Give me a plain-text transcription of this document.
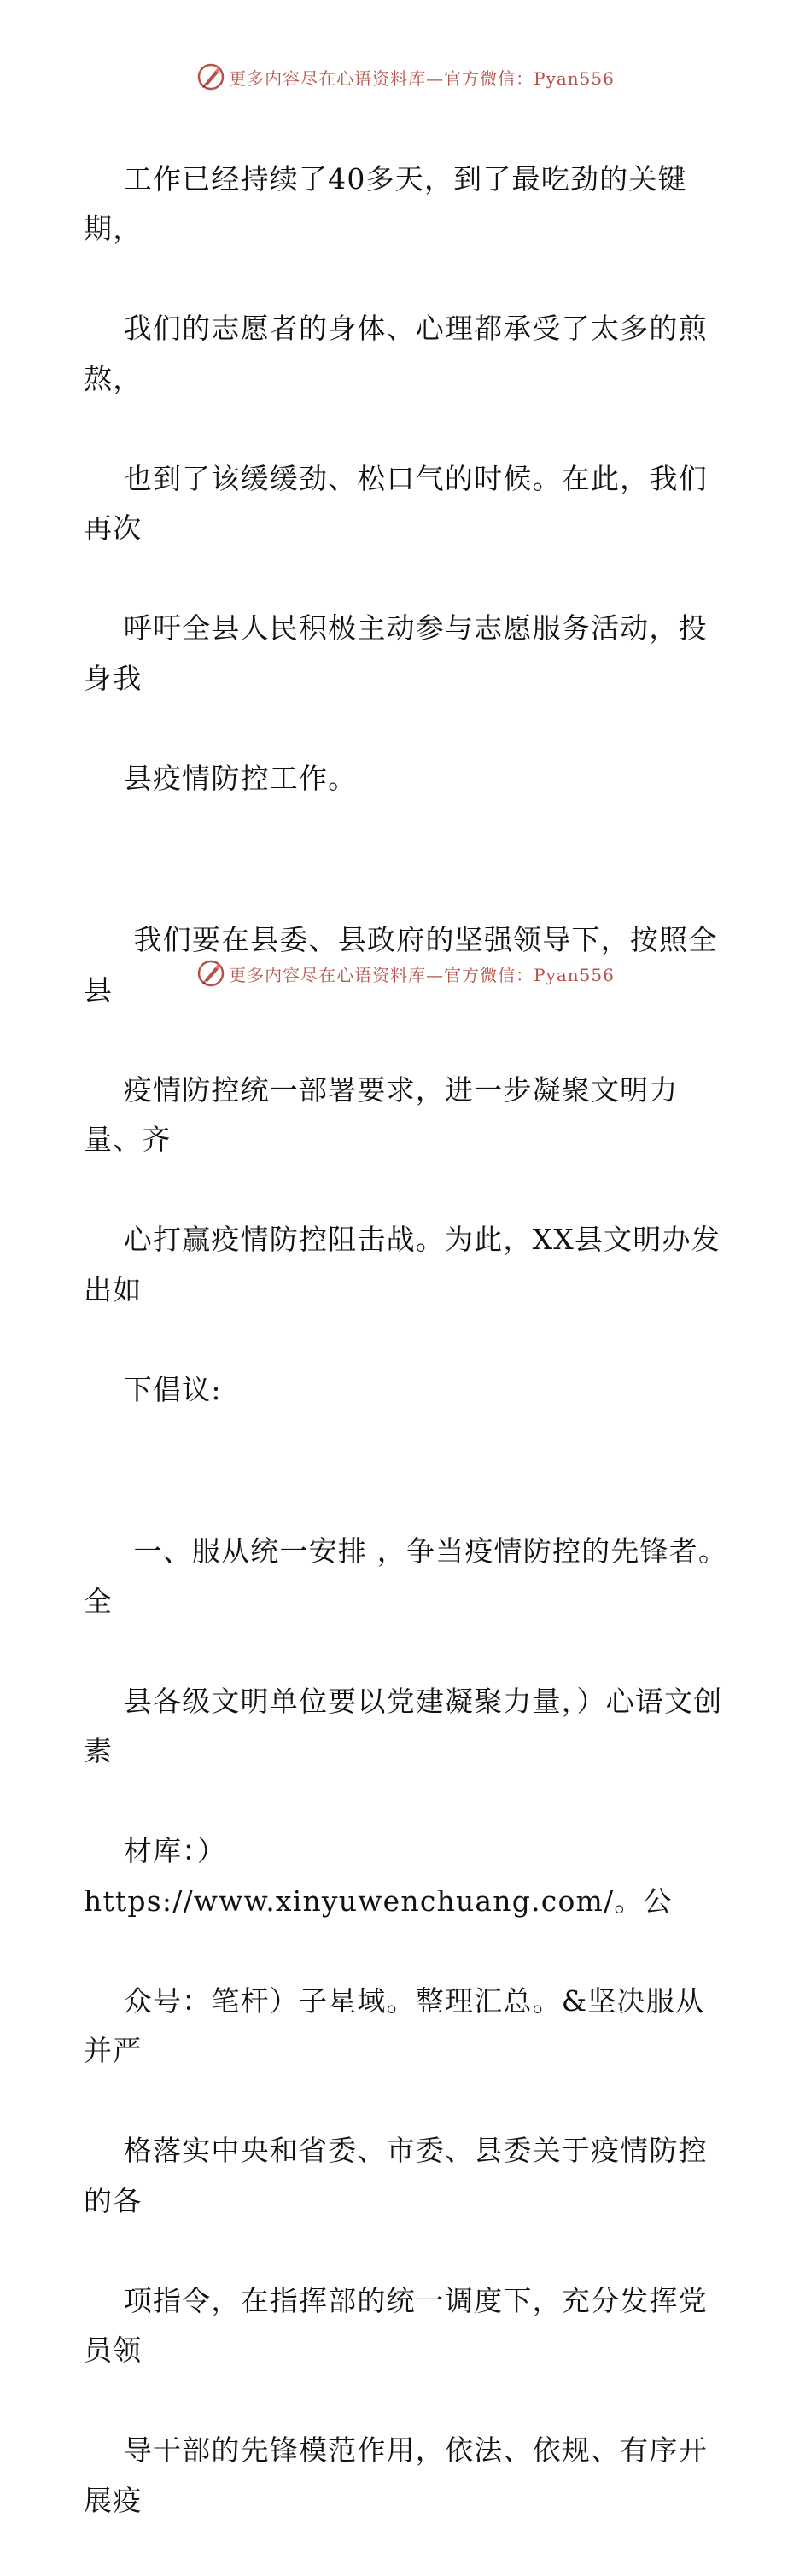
更多内容尽在心语资料库—官方微信：Pyan556

工作已经持续了40多天，到了最吃劲的关键期，

我们的志愿者的身体、心理都承受了太多的煎熬，

也到了该缓缓劲、松口气的时候。在此，我们再次

呼吁全县人民积极主动参与志愿服务活动，投身我

县疫情防控工作。

我们要在县委、县政府的坚强领导下，按照全县

疫情防控统一部署要求，进一步凝聚文明力量、齐

心打赢疫情防控阻击战。为此，XX县文明办发出如

下倡议:

一、服从统一安排 ，争当疫情防控的先锋者。全

县各级文明单位要以党建凝聚力量，）心语文创素

材库：）https://www.xinyuwenchuang.com/。公

众号：笔杆）子星域。整理汇总。&坚决服从并严

格落实中央和省委、市委、县委关于疫情防控的各

项指令，在指挥部的统一调度下，充分发挥党员领

导干部的先锋模范作用，依法、依规、有序开展疫

更多内容尽在心语资料库—官方微信：Pyan556
